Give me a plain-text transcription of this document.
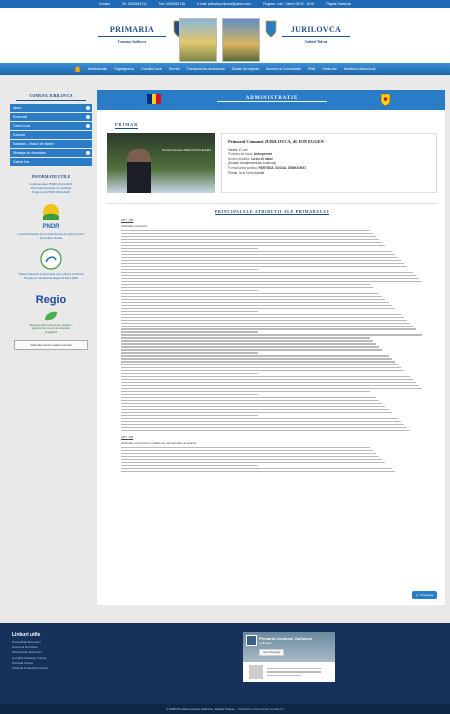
Contact	Tel: 0240/545 111	Fax: 0240/545 118	E-mail: primaria.jurilovca@yahoo.com	Program: Luni - Vineri: 08:00 - 16:00	Pagina Facebook
PRIMARIA
Comuna Jurilovca
JURILOVCA
Judetul Tulcea
Administratie Organigrama Consiliul local Servicii Transparenta decizionala Situatii de urgenta Anunturi si Comunicate RNN Harta site Monitorul oficial local
COMUNA JURILOVCA
Istoric	›
Economie	›
Turism local	›
Educatie
Sanatate – Masuri de intarire
Strategie de dezvoltare	›
Galerie foto
INFORMATII UTILE
Implementare PNDR 2014-2020
Informatii finantare de civilitate
Programul PNDR 2014-2020
PNDR
Investitii finantate prin Fondul European Agricol pentru Dezvoltare Rurala
"Masuri Valoarea si Securitate civic astecul Jurilovca" Programul Operational Regional 2014-2020
Regio
Regional electronice pentru cetateni - gestiune de consum al resurselor energetice
Click aici pentru vaderi excursii
ADMINISTRATIE
PRIMAR
Primarul Comunei JURILOVCA IN EUGEN
Primarul Comunei JURILOVCA, dl. ION EUGEN
Varsta: 47 ani
Profesia de baza: Antreprenor
Nivelul studiilor: Liceu 10 clase
(Scoala complementara Jurilovca)
Formatiunea politica: PARTIDUL SOCIAL DEMOCRAT
Primar, la al 2-lea mandat
PRINCIPALELE ATRIBUTII ALE PRIMARULUI
ART. 155
Atributiile primarului
ART. 156
Atributiile primarului in calitate de reprezentant al statului
⎙ Printeaza
Linkuri utile
Presedintia Romaniei
Guvernul Romaniei
Parlamentul Romaniei
Consiliul Judetean Tulcea
Primaria Tulcea
Institutia Prefectului Tulcea
Primaria Comunei Jurilovca
1,234 likes
Send Message
© 2018 Primaria comunei Jurilovca, Judetul Tulcea • Realizare si Dezvoltare de EDI Co
